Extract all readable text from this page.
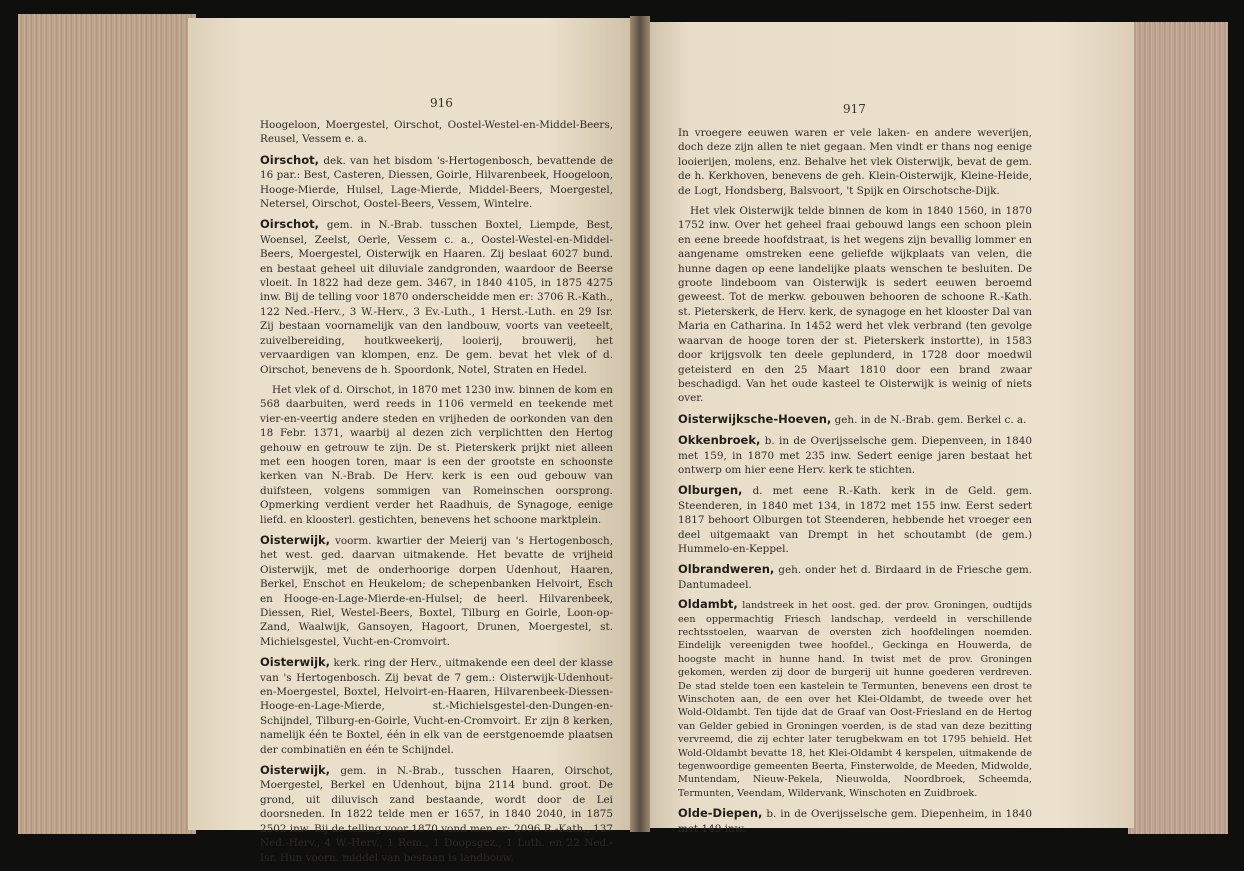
916	917

Hoogeloon, Moergestel, Oirschot, Oostel-Westel-en-Middel-Beers, Reusel, Vessem e. a.

Oirschot, dek. van het bisdom 's-Hertogenbosch, bevattende de 16 par.: Best, Casteren, Diessen, Goirle, Hilvarenbeek, Hoogeloon, Hooge-Mierde, Hulsel, Lage-Mierde, Middel-Beers, Moergestel, Netersel, Oirschot, Oostel-Beers, Vessem, Wintelre.

Oirschot, gem. in N.-Brab. tusschen Boxtel, Liempde, Best, Woensel, Zeelst, Oerle, Vessem c. a., Oostel-Westel-en-Middel-Beers, Moergestel, Oisterwijk en Haaren. Zij beslaat 6027 bund. en bestaat geheel uit diluviale zandgronden, waardoor de Beerse vloeit. In 1822 had deze gem. 3467, in 1840 4105, in 1875 4275 inw. Bij de telling voor 1870 onderscheidde men er: 3706 R.-Kath., 122 Ned.-Herv., 3 W.-Herv., 3 Ev.-Luth., 1 Herst.-Luth. en 29 Isr. Zij bestaan voornamelijk van den landbouw, voorts van veeteelt, zuivelbereiding, houtkweekerij, looierij, brouwerij, het vervaardigen van klompen, enz. De gem. bevat het vlek of d. Oirschot, benevens de h. Spoordonk, Notel, Straten en Hedel.

Het vlek of d. Oirschot, in 1870 met 1230 inw. binnen de kom en 568 daarbuiten, werd reeds in 1106 vermeld en teekende met vier-en-veertig andere steden en vrijheden de oorkonden van den 18 Febr. 1371, waarbij al dezen zich verplichtten den Hertog gehouw en getrouw te zijn. De st. Pieterskerk prijkt niet alleen met een hoogen toren, maar is een der grootste en schoonste kerken van N.-Brab. De Herv. kerk is een oud gebouw van duifsteen, volgens sommigen van Romeinschen oorsprong. Opmerking verdient verder het Raadhuis, de Synagoge, eenige liefd. en kloosterl. gestichten, benevens het schoone marktplein.

Oisterwijk, voorm. kwartier der Meierij van 's Hertogenbosch, het west. ged. daarvan uitmakende. Het bevatte de vrijheid Oisterwijk, met de onderhoorige dorpen Udenhout, Haaren, Berkel, Enschot en Heukelom; de schepenbanken Helvoirt, Esch en Hooge-en-Lage-Mierde-en-Hulsel; de heerl. Hilvarenbeek, Diessen, Riel, Westel-Beers, Boxtel, Tilburg en Goirle, Loon-op-Zand, Waalwijk, Gansoyen, Hagoort, Drunen, Moergestel, st. Michielsgestel, Vucht-en-Cromvoirt.

Oisterwijk, kerk. ring der Herv., uitmakende een deel der klasse van 's Hertogenbosch. Zij bevat de 7 gem.: Oisterwijk-Udenhout-en-Moergestel, Boxtel, Helvoirt-en-Haaren, Hilvarenbeek-Diessen-Hooge-en-Lage-Mierde, st.-Michielsgestel-den-Dungen-en-Schijndel, Tilburg-en-Goirle, Vucht-en-Cromvoirt. Er zijn 8 kerken, namelijk één te Boxtel, één in elk van de eerstgenoemde plaatsen der combinatiën en één te Schijndel.

Oisterwijk, gem. in N.-Brab., tusschen Haaren, Oirschot, Moergestel, Berkel en Udenhout, bijna 2114 bund. groot. De grond, uit diluvisch zand bestaande, wordt door de Lei doorsneden. In 1822 telde men er 1657, in 1840 2040, in 1875 2502 inw. Bij de telling voor 1870 vond men er: 2096 R.-Kath., 137 Ned.-Herv., 4 W.-Herv., 1 Rem., 1 Doopsgez., 1 Luth. en 22 Ned.-Isr. Hun voorn. middel van bestaan is landbouw.

In vroegere eeuwen waren er vele laken- en andere weverijen, doch deze zijn allen te niet gegaan. Men vindt er thans nog eenige looierijen, molens, enz. Behalve het vlek Oisterwijk, bevat de gem. de h. Kerkhoven, benevens de geh. Klein-Oisterwijk, Kleine-Heide, de Logt, Hondsberg, Balsvoort, 't Spijk en Oirschotsche-Dijk.

Het vlek Oisterwijk telde binnen de kom in 1840 1560, in 1870 1752 inw. Over het geheel fraai gebouwd langs een schoon plein en eene breede hoofdstraat, is het wegens zijn bevallig lommer en aangename omstreken eene geliefde wijkplaats van velen, die hunne dagen op eene landelijke plaats wenschen te besluiten. De groote lindeboom van Oisterwijk is sedert eeuwen beroemd geweest. Tot de merkw. gebouwen behooren de schoone R.-Kath. st. Pieterskerk, de Herv. kerk, de synagoge en het klooster Dal van Maria en Catharina. In 1452 werd het vlek verbrand (ten gevolge waarvan de hooge toren der st. Pieterskerk instortte), in 1583 door krijgsvolk ten deele geplunderd, in 1728 door moedwil geteisterd en den 25 Maart 1810 door een brand zwaar beschadigd. Van het oude kasteel te Oisterwijk is weinig of niets over.

Oisterwijksche-Hoeven, geh. in de N.-Brab. gem. Berkel c. a.

Okkenbroek, b. in de Overijsselsche gem. Diepenveen, in 1840 met 159, in 1870 met 235 inw. Sedert eenige jaren bestaat het ontwerp om hier eene Herv. kerk te stichten.

Olburgen, d. met eene R.-Kath. kerk in de Geld. gem. Steenderen, in 1840 met 134, in 1872 met 155 inw. Eerst sedert 1817 behoort Olburgen tot Steenderen, hebbende het vroeger een deel uitgemaakt van Drempt in het schoutambt (de gem.) Hummelo-en-Keppel.

Olbrandweren, geh. onder het d. Birdaard in de Friesche gem. Dantumadeel.

Oldambt, landstreek in het oost. ged. der prov. Groningen, oudtijds een oppermachtig Friesch landschap, verdeeld in verschillende rechtsstoelen, waarvan de oversten zich hoofdelingen noemden. Eindelijk vereenigden twee hoofdel., Geckinga en Houwerda, de hoogste macht in hunne hand. In twist met de prov. Groningen gekomen, werden zij door de burgerij uit hunne goederen verdreven. De stad stelde toen een kastelein te Termunten, benevens een drost te Winschoten aan, de een over het Klei-Oldambt, de tweede over het Wold-Oldambt. Ten tijde dat de Graaf van Oost-Friesland en de Hertog van Gelder gebied in Groningen voerden, is de stad van deze bezitting vervreemd, die zij echter later terugbekwam en tot 1795 behield. Het Wold-Oldambt bevatte 18, het Klei-Oldambt 4 kerspelen, uitmakende de tegenwoordige gemeenten Beerta, Finsterwolde, de Meeden, Midwolde, Muntendam, Nieuw-Pekela, Nieuwolda, Noordbroek, Scheemda, Termunten, Veendam, Wildervank, Winschoten en Zuidbroek.

Olde-Diepen, b. in de Overijsselsche gem. Diepenheim, in 1840 met 149 inw.
